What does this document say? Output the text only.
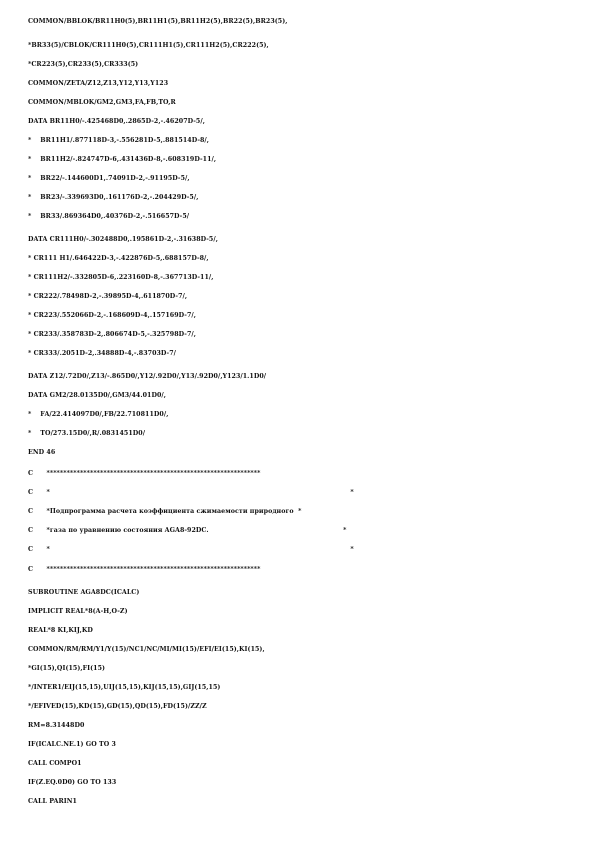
COMMON/BBLOK/BR11H0(5),BR11H1(5),BR11H2(5),BR22(5),BR23(5),
*BR33(5)/CBLOK/CR111H0(5),CR111H1(5),CR111H2(5),CR222(5),
*CR223(5),CR233(5),CR333(5)
COMMON/ZETA/Z12,Z13,Y12,Y13,Y123
COMMON/MBLOK/GM2,GM3,FA,FB,TO,R
DATA BR11H0/-.425468D0,.2865D-2,-.46207D-5/,
*    BR11H1/.877118D-3,-.556281D-5,.881514D-8/,
*    BR11H2/-.824747D-6,.431436D-8,-.608319D-11/,
*    BR22/-.144600D1,.74091D-2,-.91195D-5/,
*    BR23/-.339693D0,.161176D-2,-.204429D-5/,
*    BR33/.869364D0,.40376D-2,-.516657D-5/
DATA CR111H0/-.302488D0,.195861D-2,-.31638D-5/,
* CR111 H1/.646422D-3,-.422876D-5,.688157D-8/,
* CR111H2/-.332805D-6,.223160D-8,-.367713D-11/,
* CR222/.78498D-2,-.39895D-4,.611870D-7/,
* CR223/.552066D-2,-.168609D-4,.157169D-7/,
* CR233/.358783D-2,.806674D-5,-.325798D-7/,
* CR333/.2051D-2,.34888D-4,-.83703D-7/
DATA Z12/.72D0/,Z13/-.865D0/,Y12/.92D0/,Y13/.92D0/,Y123/1.1D0/
DATA GM2/28.0135D0/,GM3/44.01D0/,
*    FA/22.414097D0/,FB/22.710811D0/,
*    TO/273.15D0/,R/.0831451D0/
END 46
C      ****************************************************************
C      *                                                                                                                                      *
C      *Подпрограмма расчета коэффициента сжимаемости природного  *
C      *газа по уравнению состояния AGA8-92DC.                                                            *
C      *                                                                                                                                      *
C      ****************************************************************
SUBROUTINE AGA8DC(ICALC)
IMPLICIT REAL*8(A-H,O-Z)
REAL*8 KI,KIJ,KD
COMMON/RM/RM/Y1/Y(15)/NC1/NC/MI/MI(15)/EFI/EI(15),KI(15),
*GI(15),QI(15),FI(15)
*/INTER1/EIJ(15,15),UIJ(15,15),KIJ(15,15),GIJ(15,15)
*/EFIVED(15),KD(15),GD(15),QD(15),FD(15)/ZZ/Z
RM=8.31448D0
IF(ICALC.NE.1) GO TO 3
CALL COMPO1
IF(Z.EQ.0D0) GO TO 133
CALL PARIN1
